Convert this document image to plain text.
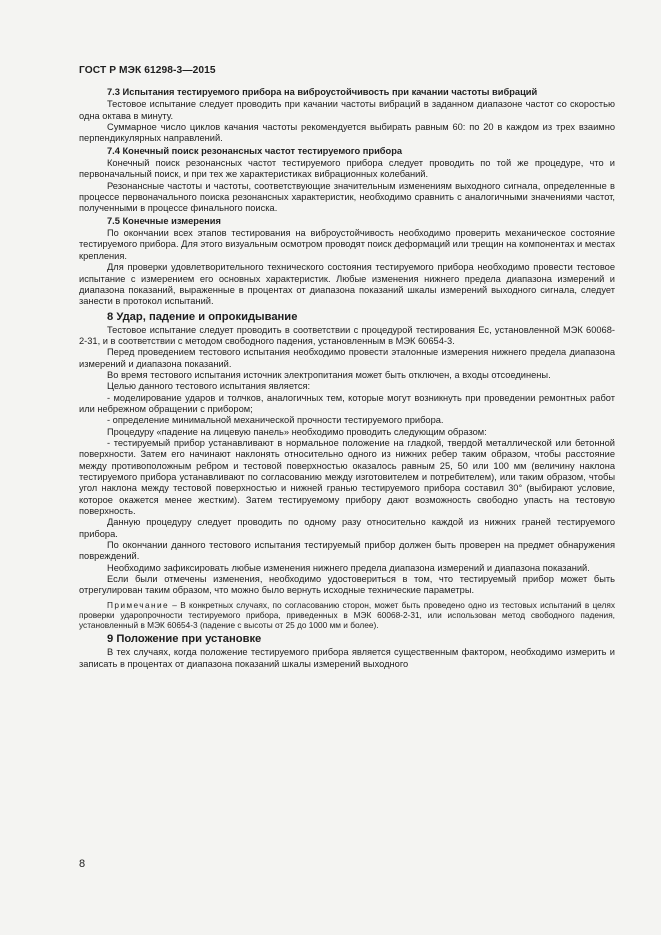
ГОСТ Р МЭК 61298-3—2015

7.3 Испытания тестируемого прибора на виброустойчивость при качании частоты вибраций

Тестовое испытание следует проводить при качании частоты вибраций в заданном диапазоне частот со скоростью одна октава в минуту.

Суммарное число циклов качания частоты рекомендуется выбирать равным 60: по 20 в каждом из трех взаимно перпендикулярных направлений.

7.4 Конечный поиск резонансных частот тестируемого прибора

Конечный поиск резонансных частот тестируемого прибора следует проводить по той же процедуре, что и первоначальный поиск, и при тех же характеристиках вибрационных колебаний.

Резонансные частоты и частоты, соответствующие значительным изменениям выходного сигнала, определенные в процессе первоначального поиска резонансных характеристик, необходимо сравнить с аналогичными значениями частот, полученными в процессе финального поиска.

7.5 Конечные измерения

По окончании всех этапов тестирования на виброустойчивость необходимо проверить механическое состояние тестируемого прибора. Для этого визуальным осмотром проводят поиск деформаций или трещин на компонентах и местах крепления.

Для проверки удовлетворительного технического состояния тестируемого прибора необходимо провести тестовое испытание с измерением его основных характеристик. Любые изменения нижнего предела диапазона измерений и диапазона показаний, выраженные в процентах от диапазона показаний шкалы измерений выходного сигнала, следует занести в протокол испытаний.

8 Удар, падение и опрокидывание

Тестовое испытание следует проводить в соответствии с процедурой тестирования Ec, установленной МЭК 60068-2-31, и в соответствии с методом свободного падения, установленным в МЭК 60654-3.

Перед проведением тестового испытания необходимо провести эталонные измерения нижнего предела диапазона измерений и диапазона показаний.

Во время тестового испытания источник электропитания может быть отключен, а входы отсоединены.

Целью данного тестового испытания является:

- моделирование ударов и толчков, аналогичных тем, которые могут возникнуть при проведении ремонтных работ или небрежном обращении с прибором;

- определение минимальной механической прочности тестируемого прибора.

Процедуру «падение на лицевую панель» необходимо проводить следующим образом:

- тестируемый прибор устанавливают в нормальное положение на гладкой, твердой металлической или бетонной поверхности. Затем его начинают наклонять относительно одного из нижних ребер таким образом, чтобы расстояние между противоположным ребром и тестовой поверхностью оказалось равным 25, 50 или 100 мм (величину наклона тестируемого прибора устанавливают по согласованию между изготовителем и потребителем), или таким образом, чтобы угол наклона между тестовой поверхностью и нижней гранью тестируемого прибора составил 30° (выбирают условие, которое окажется менее жестким). Затем тестируемому прибору дают возможность свободно упасть на тестовую поверхность.

Данную процедуру следует проводить по одному разу относительно каждой из нижних граней тестируемого прибора.

По окончании данного тестового испытания тестируемый прибор должен быть проверен на предмет обнаружения повреждений.

Необходимо зафиксировать любые изменения нижнего предела диапазона измерений и диапазона показаний.

Если были отмечены изменения, необходимо удостовериться в том, что тестируемый прибор может быть отрегулирован таким образом, что можно было вернуть исходные технические параметры.

Примечание – В конкретных случаях, по согласованию сторон, может быть проведено одно из тестовых испытаний в целях проверки ударопрочности тестируемого прибора, приведенных в МЭК 60068-2-31, или использован метод свободного падения, установленный в МЭК 60654-3 (падение с высоты от 25 до 1000 мм и более).

9 Положение при установке

В тех случаях, когда положение тестируемого прибора является существенным фактором, необходимо измерить и записать в процентах от диапазона показаний шкалы измерений выходного

8
